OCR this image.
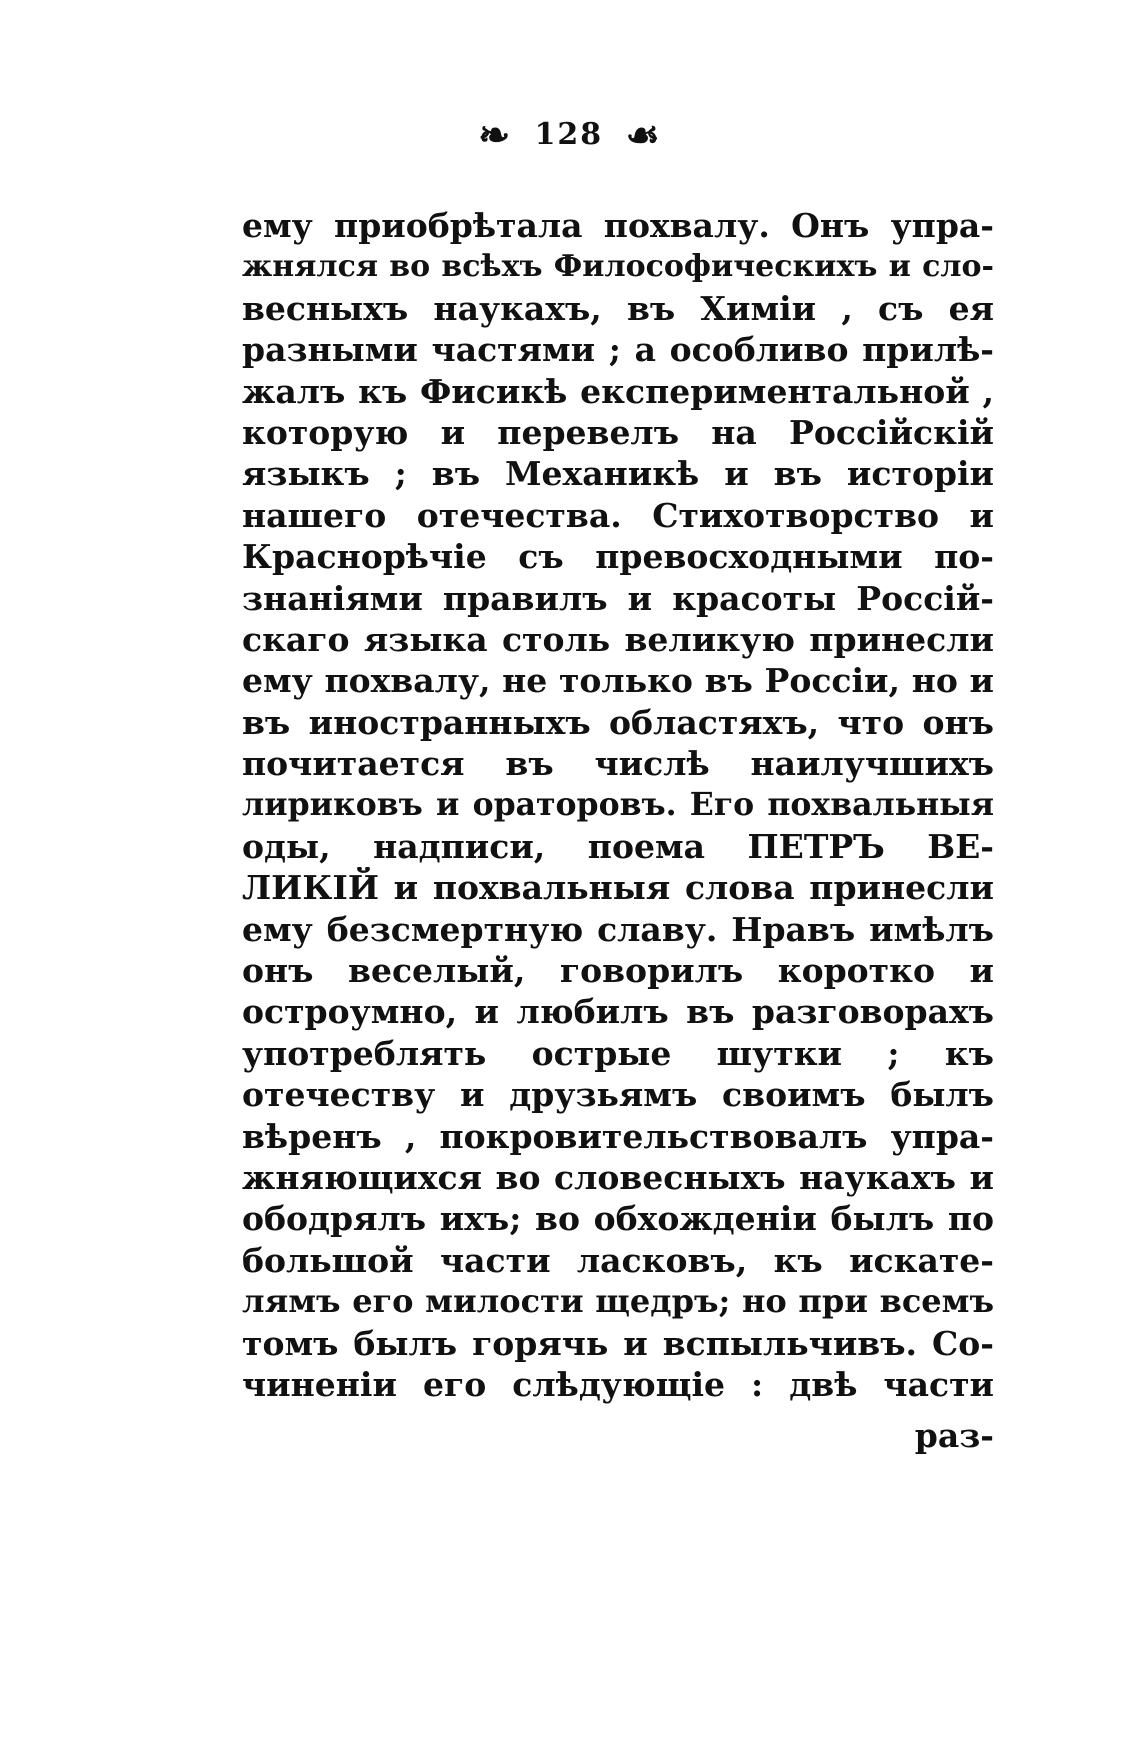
❧ 128 ☙
ему приобрѣтала похвалу. Онъ упра-
жнялся во всѣхъ Философическихъ и сло-
весныхъ наукахъ, въ Химiи , съ ея
разными частями ; а особливо прилѣ-
жалъ къ Фисикѣ експериментальной ,
которую и перевелъ на Россiйскiй
языкъ ; въ Механикѣ и въ исторiи
нашего отечества. Стихотворство и
Краснорѣчiе съ превосходными по-
знанiями правилъ и красоты Россiй-
скаго языка столь великую принесли
ему похвалу, не только въ Россiи, но и
въ иностранныхъ областяхъ, что онъ
почитается въ числѣ наилучшихъ
лириковъ и ораторовъ. Его похвальныя
оды, надписи, поема ПЕТРЪ ВЕ-
ЛИКIЙ и похвальныя слова принесли
ему безсмертную славу. Нравъ имѣлъ
онъ веселый, говорилъ коротко и
остроумно, и любилъ въ разговорахъ
употреблять острые шутки ; къ
отечеству и друзьямъ своимъ былъ
вѣренъ , покровительствовалъ упра-
жняющихся во словесныхъ наукахъ и
ободрялъ ихъ; во обхожденiи былъ по
большой части ласковъ, къ искате-
лямъ его милости щедръ; но при всемъ
томъ былъ горячь и вспыльчивъ. Со-
чиненiи его слѣдующiе : двѣ части
раз-
